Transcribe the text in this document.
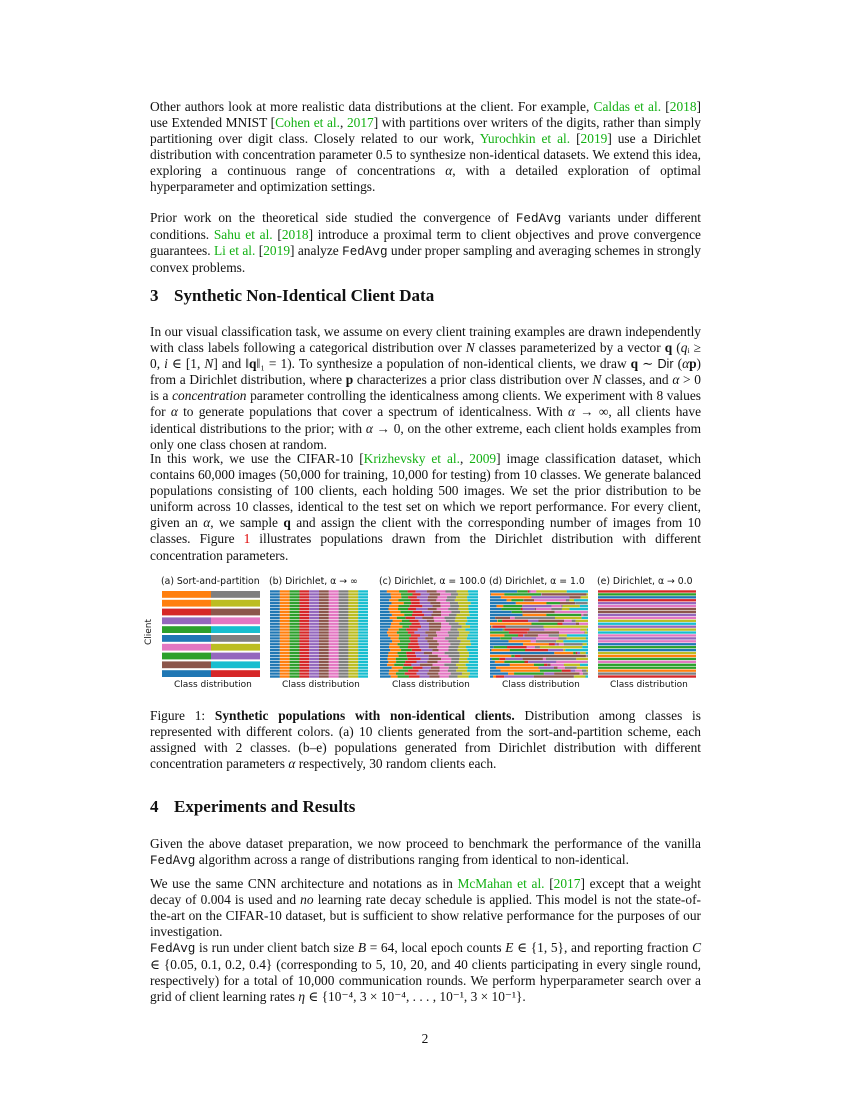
Other authors look at more realistic data distributions at the client. For example, Caldas et al. [2018] use Extended MNIST [Cohen et al., 2017] with partitions over writers of the digits, rather than simply partitioning over digit class. Closely related to our work, Yurochkin et al. [2019] use a Dirichlet distribution with concentration parameter 0.5 to synthesize non-identical datasets. We extend this idea, exploring a continuous range of concentrations α, with a detailed exploration of optimal hyperparameter and optimization settings.
Prior work on the theoretical side studied the convergence of FedAvg variants under different conditions. Sahu et al. [2018] introduce a proximal term to client objectives and prove convergence guarantees. Li et al. [2019] analyze FedAvg under proper sampling and averaging schemes in strongly convex problems.
3 Synthetic Non-Identical Client Data
In our visual classification task, we assume on every client training examples are drawn independently with class labels following a categorical distribution over N classes parameterized by a vector q (qᵢ ≥ 0, i ∈ [1, N] and ‖q‖₁ = 1). To synthesize a population of non-identical clients, we draw q ∼ Dir (αp) from a Dirichlet distribution, where p characterizes a prior class distribution over N classes, and α > 0 is a concentration parameter controlling the identicalness among clients. We experiment with 8 values for α to generate populations that cover a spectrum of identicalness. With α → ∞, all clients have identical distributions to the prior; with α → 0, on the other extreme, each client holds examples from only one class chosen at random.
In this work, we use the CIFAR-10 [Krizhevsky et al., 2009] image classification dataset, which contains 60,000 images (50,000 for training, 10,000 for testing) from 10 classes. We generate balanced populations consisting of 100 clients, each holding 500 images. We set the prior distribution to be uniform across 10 classes, identical to the test set on which we report performance. For every client, given an α, we sample q and assign the client with the corresponding number of images from 10 classes. Figure 1 illustrates populations drawn from the Dirichlet distribution with different concentration parameters.
Client
(a) Sort-and-partition
Class distribution
(b) Dirichlet, α → ∞
Class distribution
(c) Dirichlet, α = 100.0
Class distribution
(d) Dirichlet, α = 1.0
Class distribution
(e) Dirichlet, α → 0.0
Class distribution
Figure 1: Synthetic populations with non-identical clients. Distribution among classes is represented with different colors. (a) 10 clients generated from the sort-and-partition scheme, each assigned with 2 classes. (b–e) populations generated from Dirichlet distribution with different concentration parameters α respectively, 30 random clients each.
4 Experiments and Results
Given the above dataset preparation, we now proceed to benchmark the performance of the vanilla FedAvg algorithm across a range of distributions ranging from identical to non-identical.
We use the same CNN architecture and notations as in McMahan et al. [2017] except that a weight decay of 0.004 is used and no learning rate decay schedule is applied. This model is not the state-of-the-art on the CIFAR-10 dataset, but is sufficient to show relative performance for the purposes of our investigation.
FedAvg is run under client batch size B = 64, local epoch counts E ∈ {1, 5}, and reporting fraction C ∈ {0.05, 0.1, 0.2, 0.4} (corresponding to 5, 10, 20, and 40 clients participating in every single round, respectively) for a total of 10,000 communication rounds. We perform hyperparameter search over a grid of client learning rates η ∈ {10⁻⁴, 3 × 10⁻⁴, . . . , 10⁻¹, 3 × 10⁻¹}.
2
